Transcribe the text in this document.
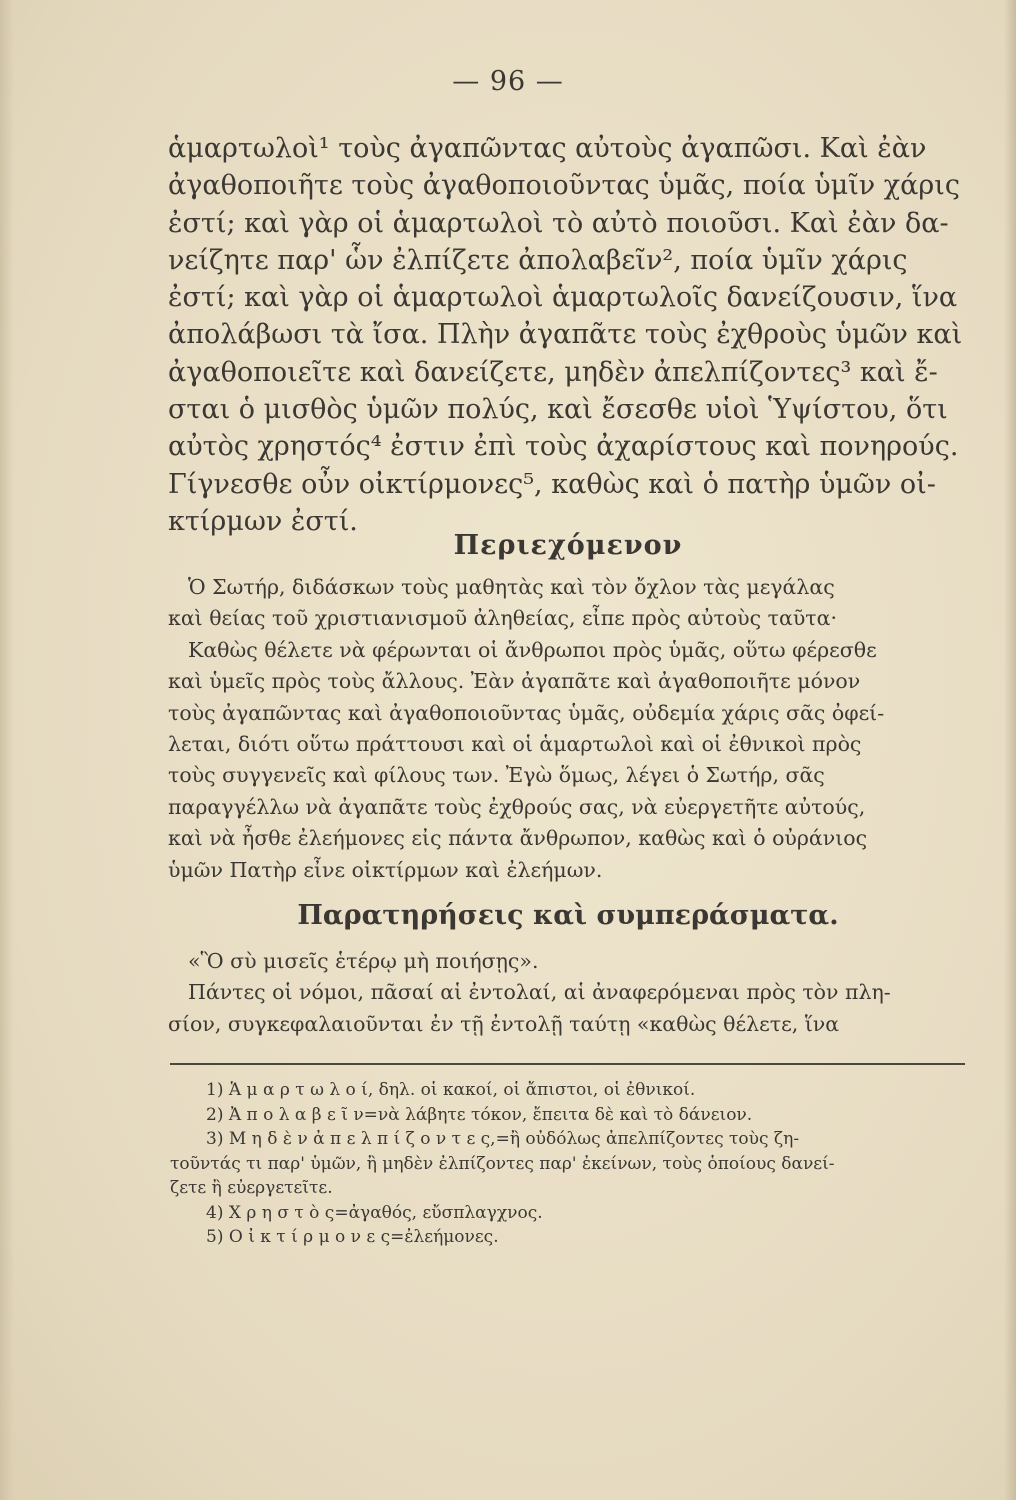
— 96 —
ἁμαρτωλοὶ¹ τοὺς ἀγαπῶντας αὐτοὺς ἀγαπῶσι. Καὶ ἐὰν
ἀγαθοποιῆτε τοὺς ἀγαθοποιοῦντας ὑμᾶς, ποία ὑμῖν χάρις
ἐστί; καὶ γὰρ οἱ ἁμαρτωλοὶ τὸ αὐτὸ ποιοῦσι. Καὶ ἐὰν δα-
νείζητε παρ' ὧν ἐλπίζετε ἀπολαβεῖν², ποία ὑμῖν χάρις
ἐστί; καὶ γὰρ οἱ ἁμαρτωλοὶ ἁμαρτωλοῖς δανείζουσιν, ἵνα
ἀπολάβωσι τὰ ἴσα. Πλὴν ἀγαπᾶτε τοὺς ἐχθροὺς ὑμῶν καὶ
ἀγαθοποιεῖτε καὶ δανείζετε, μηδὲν ἀπελπίζοντες³ καὶ ἔ-
σται ὁ μισθὸς ὑμῶν πολύς, καὶ ἔσεσθε υἱοὶ Ὑψίστου, ὅτι
αὐτὸς χρηστός⁴ ἐστιν ἐπὶ τοὺς ἀχαρίστους καὶ πονηρούς.
Γίγνεσθε οὖν οἰκτίρμονες⁵, καθὼς καὶ ὁ πατὴρ ὑμῶν οἰ-
κτίρμων ἐστί.
Περιεχόμενον
Ὁ Σωτήρ, διδάσκων τοὺς μαθητὰς καὶ τὸν ὄχλον τὰς μεγάλας
καὶ θείας τοῦ χριστιανισμοῦ ἀληθείας, εἶπε πρὸς αὐτοὺς ταῦτα·
Καθὼς θέλετε νὰ φέρωνται οἱ ἄνθρωποι πρὸς ὑμᾶς, οὕτω φέρεσθε
καὶ ὑμεῖς πρὸς τοὺς ἄλλους. Ἐὰν ἀγαπᾶτε καὶ ἀγαθοποιῆτε μόνον
τοὺς ἀγαπῶντας καὶ ἀγαθοποιοῦντας ὑμᾶς, οὐδεμία χάρις σᾶς ὀφεί-
λεται, διότι οὕτω πράττουσι καὶ οἱ ἁμαρτωλοὶ καὶ οἱ ἐθνικοὶ πρὸς
τοὺς συγγενεῖς καὶ φίλους των. Ἐγὼ ὅμως, λέγει ὁ Σωτήρ, σᾶς
παραγγέλλω νὰ ἀγαπᾶτε τοὺς ἐχθρούς σας, νὰ εὐεργετῆτε αὐτούς,
καὶ νὰ ἦσθε ἐλεήμονες εἰς πάντα ἄνθρωπον, καθὼς καὶ ὁ οὐράνιος
ὑμῶν Πατὴρ εἶνε οἰκτίρμων καὶ ἐλεήμων.
Παρατηρήσεις καὶ συμπεράσματα.
«Ὃ σὺ μισεῖς ἑτέρῳ μὴ ποιήσῃς».
Πάντες οἱ νόμοι, πᾶσαί αἱ ἐντολαί, αἱ ἀναφερόμεναι πρὸς τὸν πλη-
σίον, συγκεφαλαιοῦνται ἐν τῇ ἐντολῇ ταύτῃ «καθὼς θέλετε, ἵνα
1) Ἁ μ α ρ τ ω λ ο ί, δηλ. οἱ κακοί, οἱ ἄπιστοι, οἱ ἐθνικοί.
2) Ἀ π ο λ α β ε ῖ ν=νὰ λάβητε τόκον, ἔπειτα δὲ καὶ τὸ δάνειον.
3) Μ η δ ὲ ν ἀ π ε λ π ί ζ ο ν τ ε ς,=ἢ οὐδόλως ἀπελπίζοντες τοὺς ζη-
τοῦντάς τι παρ' ὑμῶν, ἢ μηδὲν ἐλπίζοντες παρ' ἐκείνων, τοὺς ὁποίους δανεί-
ζετε ἢ εὐεργετεῖτε.
4) Χ ρ η σ τ ὸ ς=ἀγαθός, εὔσπλαγχνος.
5) Ο ἰ κ τ ί ρ μ ο ν ε ς=ἐλεήμονες.
